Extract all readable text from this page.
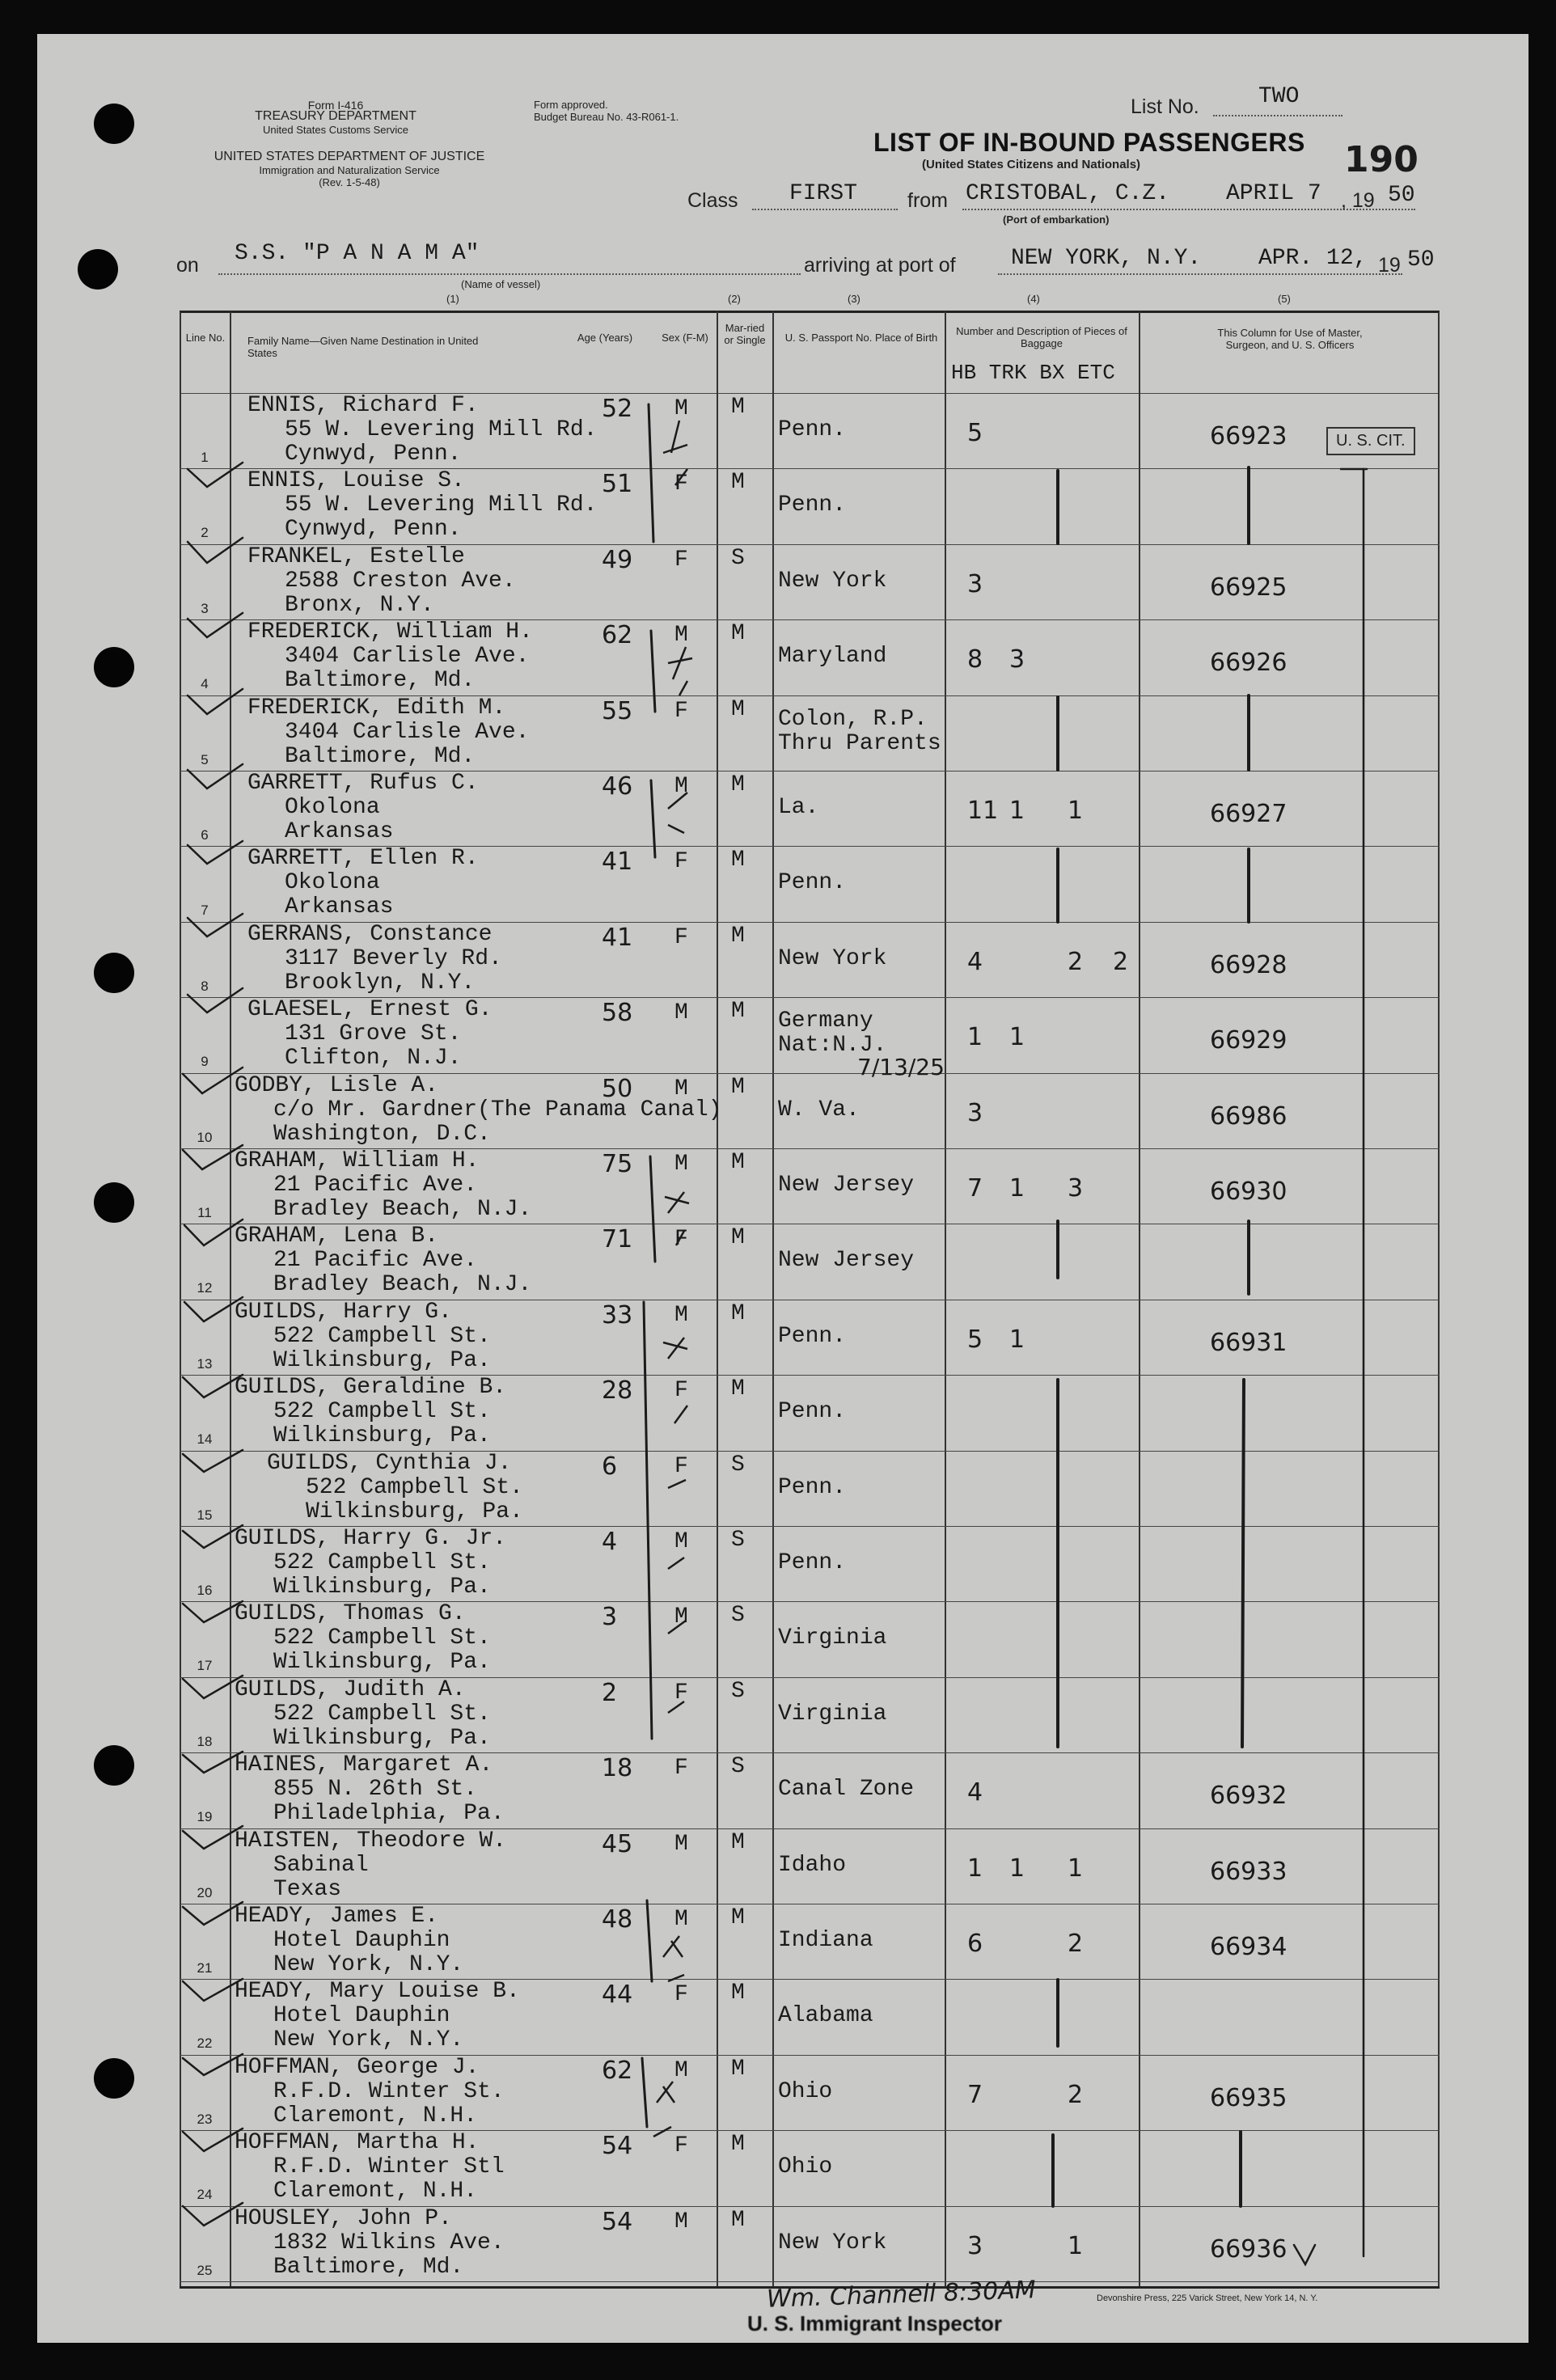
Form I-416
TREASURY DEPARTMENT
United States Customs Service
Form approved.
Budget Bureau No. 43-R061-1.
UNITED STATES DEPARTMENT OF JUSTICE
Immigration and Naturalization Service
(Rev. 1-5-48)
List No.	TWO
LIST OF IN-BOUND PASSENGERS
(United States Citizens and Nationals)	190
Class FIRST from CRISTOBAL, C.Z. APRIL 7 , 19 50
(Port of embarkation)
on S.S. "P A N A M A"
(Name of vessel)
arriving at port of NEW YORK, N.Y.	APR. 12, 19 50
(1)	(2)	(3)	(4)	(5)
Line No. Family Name—Given Name Destination in United States
Age (Years)	Sex (F-M)
Mar-ried or Single U. S. Passport No. Place of Birth
Number and Description of Pieces of Baggage
HB TRK BX ETC
This Column for Use of Master, Surgeon, and U. S. Officers
U. S. CIT.
1
ENNIS, Richard F.
55 W. Levering Mill Rd.
Cynwyd, Penn.
52 M M
Penn.	5	66923
2
ENNIS, Louise S.
55 W. Levering Mill Rd.
Cynwyd, Penn.
51 F M
Penn.
3
FRANKEL, Estelle
2588 Creston Ave.
Bronx, N.Y.
49 F S
New York	3	66925
4
FREDERICK, William H.
3404 Carlisle Ave.
Baltimore, Md.
62 M M
Maryland	8 3	66926
5
FREDERICK, Edith M.
3404 Carlisle Ave.
Baltimore, Md.
55 F M Colon, R.P.
Thru Parents
6
GARRETT, Rufus C.
Okolona
Arkansas
46 M M
La.	11 1 1	66927
7
GARRETT, Ellen R.
Okolona
Arkansas
41 F M
Penn.
8
GERRANS, Constance
3117 Beverly Rd.
Brooklyn, N.Y.
41 F M
New York	4	2 2	66928
9
GLAESEL, Ernest G.
131 Grove St.
Clifton, N.J.
58 M M Germany
Nat:N.J.
7/13/25
1 1	66929
10
GODBY, Lisle A.
c/o Mr. Gardner(The Panama Canal)
Washington, D.C.
50 M M
W. Va.	3	66986
11
GRAHAM, William H.
21 Pacific Ave.
Bradley Beach, N.J.
75 M M
New Jersey 7 1 3	66930
12
GRAHAM, Lena B.
21 Pacific Ave.
Bradley Beach, N.J.
71 F M
New Jersey
13
GUILDS, Harry G.
522 Campbell St.
Wilkinsburg, Pa.
33 M M
Penn.	5 1	66931
14
GUILDS, Geraldine B.
522 Campbell St.
Wilkinsburg, Pa.
28 F M
Penn.
15
GUILDS, Cynthia J.
522 Campbell St.
Wilkinsburg, Pa.
6	F S
Penn.
16
GUILDS, Harry G. Jr.
522 Campbell St.
Wilkinsburg, Pa.
4	M S
Penn.
17
GUILDS, Thomas G.
522 Campbell St.
Wilkinsburg, Pa.
3	M S
Virginia
18
GUILDS, Judith A.
522 Campbell St.
Wilkinsburg, Pa.
2	F S
Virginia
19
HAINES, Margaret A.
855 N. 26th St.
Philadelphia, Pa.
18 F S
Canal Zone 4	66932
20
HAISTEN, Theodore W.
Sabinal
Texas
45 M M
Idaho	1 1 1	66933
21
HEADY, James E.
Hotel Dauphin
New York, N.Y.
48 M M
Indiana	6	2	66934
22
HEADY, Mary Louise B.
Hotel Dauphin
New York, N.Y.
44 F M
Alabama
23
HOFFMAN, George J.
R.F.D. Winter St.
Claremont, N.H.
62 M M
Ohio	7	2	66935
24
HOFFMAN, Martha H.
R.F.D. Winter Stl
Claremont, N.H.
54 F M
Ohio
25
HOUSLEY, John P.
1832 Wilkins Ave.
Baltimore, Md.
54 M M
New York	3	1	66936
Devonshire Press, 225 Varick Street, New York 14, N. Y.
Wm. Channell 8:30AM
U. S. Immigrant Inspector
